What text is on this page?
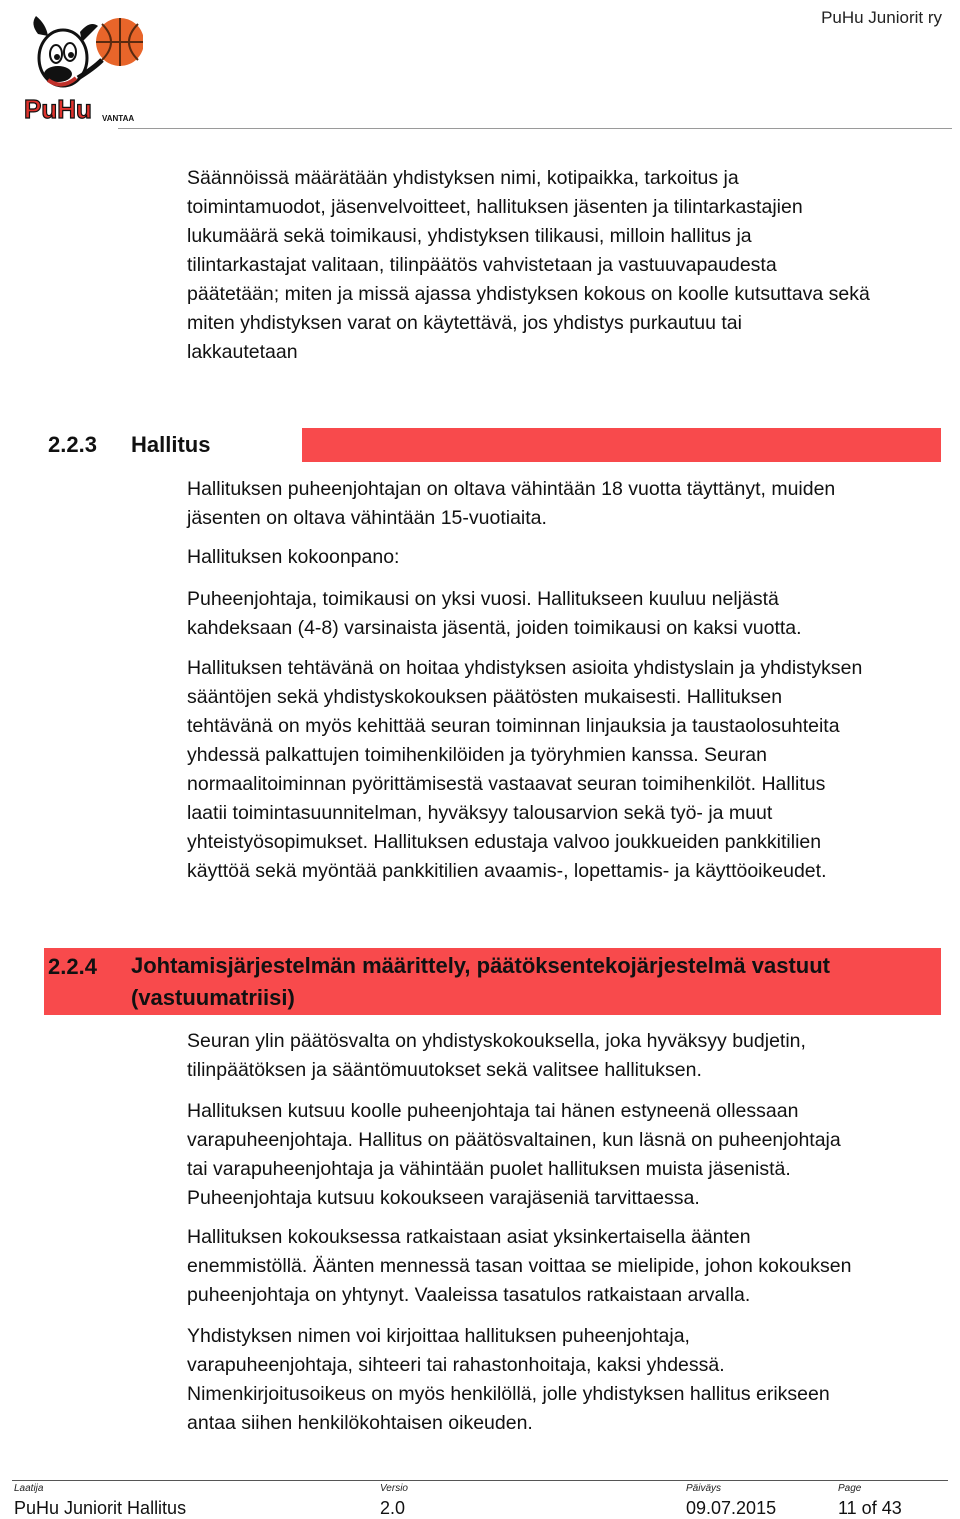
PuHu VANTAA
PuHu Juniorit ry
Säännöissä määrätään yhdistyksen nimi, kotipaikka, tarkoitus ja
toimintamuodot, jäsenvelvoitteet, hallituksen jäsenten ja tilintarkastajien
lukumäärä sekä toimikausi, yhdistyksen tilikausi, milloin hallitus ja
tilintarkastajat valitaan, tilinpäätös vahvistetaan ja vastuuvapaudesta
päätetään; miten ja missä ajassa yhdistyksen kokous on koolle kutsuttava sekä
miten yhdistyksen varat on käytettävä, jos yhdistys purkautuu tai
lakkautetaan
2.2.3 Hallitus
Hallituksen puheenjohtajan on oltava vähintään 18 vuotta täyttänyt, muiden
jäsenten on oltava vähintään 15-vuotiaita.
Hallituksen kokoonpano:
Puheenjohtaja, toimikausi on yksi vuosi. Hallitukseen kuuluu neljästä
kahdeksaan (4-8) varsinaista jäsentä, joiden toimikausi on kaksi vuotta.
Hallituksen tehtävänä on hoitaa yhdistyksen asioita yhdistyslain ja yhdistyksen
sääntöjen sekä yhdistyskokouksen päätösten mukaisesti. Hallituksen
tehtävänä on myös kehittää seuran toiminnan linjauksia ja taustaolosuhteita
yhdessä palkattujen toimihenkilöiden ja työryhmien kanssa. Seuran
normaalitoiminnan pyörittämisestä vastaavat seuran toimihenkilöt. Hallitus
laatii toimintasuunnitelman, hyväksyy talousarvion sekä työ- ja muut
yhteistyösopimukset. Hallituksen edustaja valvoo joukkueiden pankkitilien
käyttöä sekä myöntää pankkitilien avaamis-, lopettamis- ja käyttöoikeudet.
2.2.4 Johtamisjärjestelmän määrittely, päätöksentekojärjestelmä vastuut
(vastuumatriisi)
Seuran ylin päätösvalta on yhdistyskokouksella, joka hyväksyy budjetin,
tilinpäätöksen ja sääntömuutokset sekä valitsee hallituksen.
Hallituksen kutsuu koolle puheenjohtaja tai hänen estyneenä ollessaan
varapuheenjohtaja. Hallitus on päätösvaltainen, kun läsnä on puheenjohtaja
tai varapuheenjohtaja ja vähintään puolet hallituksen muista jäsenistä.
Puheenjohtaja kutsuu kokoukseen varajäseniä tarvittaessa.
Hallituksen kokouksessa ratkaistaan asiat yksinkertaisella äänten
enemmistöllä. Äänten mennessä tasan voittaa se mielipide, johon kokouksen
puheenjohtaja on yhtynyt. Vaaleissa tasatulos ratkaistaan arvalla.
Yhdistyksen nimen voi kirjoittaa hallituksen puheenjohtaja,
varapuheenjohtaja, sihteeri tai rahastonhoitaja, kaksi yhdessä.
Nimenkirjoitusoikeus on myös henkilöllä, jolle yhdistyksen hallitus erikseen
antaa siihen henkilökohtaisen oikeuden.
Laatija
PuHu Juniorit Hallitus
Versio
2.0
Päiväys
09.07.2015
Page
11 of 43
